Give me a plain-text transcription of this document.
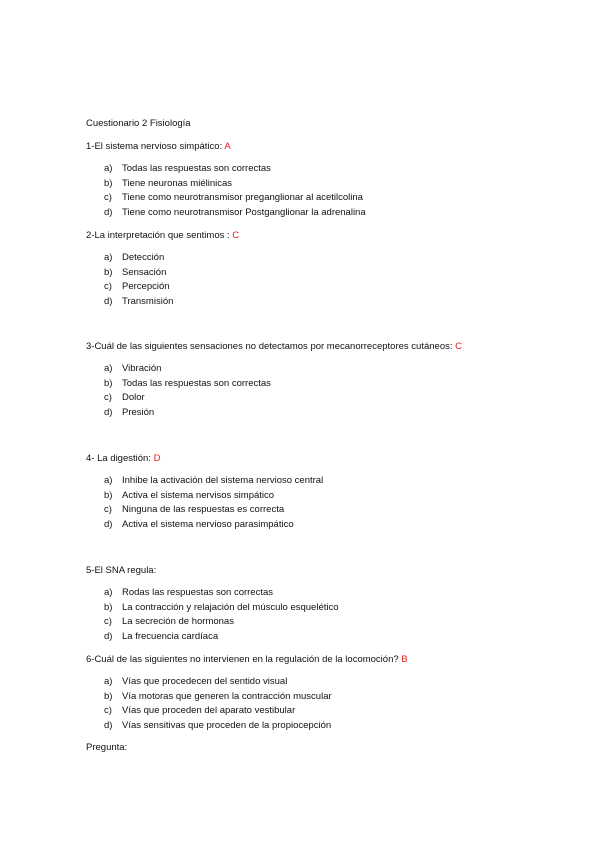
Cuestionario 2 Fisiología
1-El sistema nervioso simpático: A
a) Todas las respuestas son correctas
b) Tiene neuronas miélinicas
c) Tiene como neurotransmisor preganglionar al acetilcolina
d) Tiene como neurotransmisor Postganglionar la adrenalina
2-La interpretación que sentimos : C
a) Detección
b) Sensación
c) Percepción
d) Transmisión
3-Cuál de las siguientes sensaciones no detectamos por mecanorreceptores cutáneos: C
a) Vibración
b) Todas las respuestas son correctas
c) Dolor
d) Presión
4- La digestión: D
a) Inhibe la activación del sistema nervioso central
b) Activa el sistema nervisos simpático
c) Ninguna de las respuestas es correcta
d) Activa el sistema nervioso parasimpático
5-El SNA regula:
a) Rodas las respuestas son correctas
b) La contracción y relajación del músculo esquelético
c) La secreción de hormonas
d) La frecuencia cardíaca
6-Cuál de las siguientes no intervienen en la regulación de la locomoción? B
a) Vías que procedecen del sentido visual
b) Vía motoras que generen la contracción muscular
c) Vías que proceden del aparato vestibular
d) Vías sensitivas que proceden de la propiocepción
Pregunta:
